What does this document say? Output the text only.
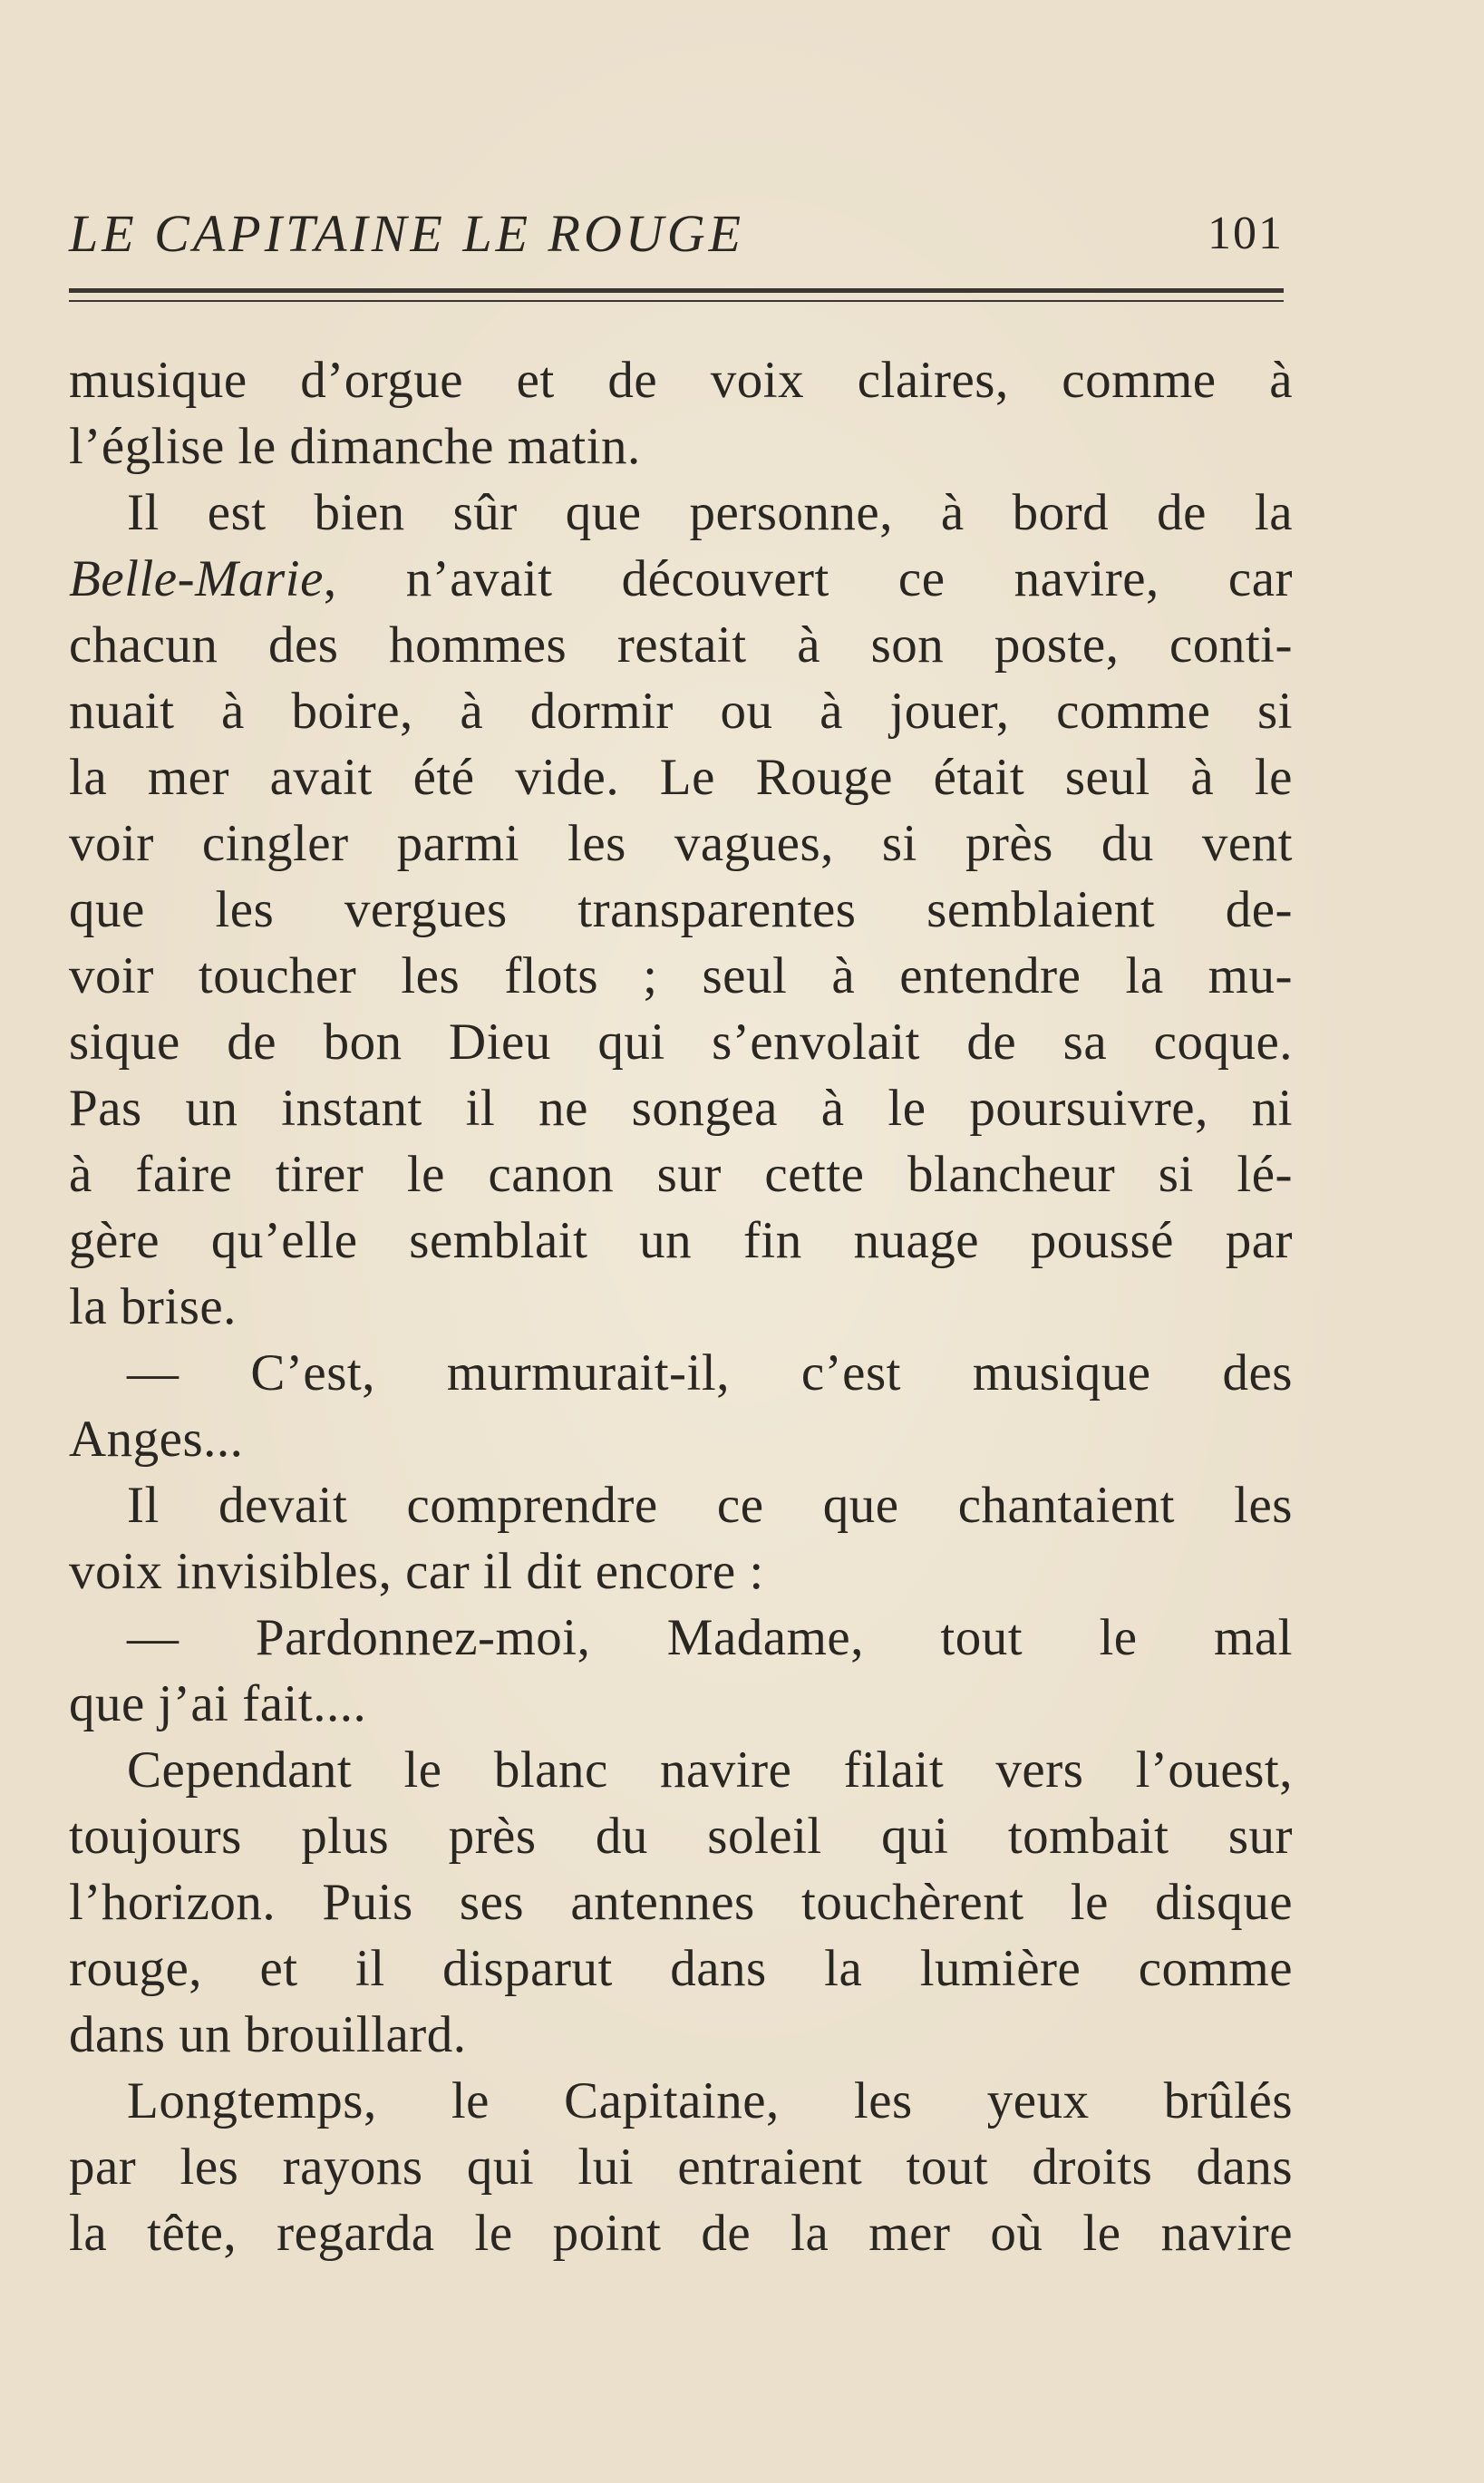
LE CAPITAINE LE ROUGE	101
musique d’orgue et de voix claires, comme à
l’église le dimanche matin.
Il est bien sûr que personne, à bord de la
Belle-Marie, n’avait découvert ce navire, car
chacun des hommes restait à son poste, conti-
nuait à boire, à dormir ou à jouer, comme si
la mer avait été vide. Le Rouge était seul à le
voir cingler parmi les vagues, si près du vent
que les vergues transparentes semblaient de-
voir toucher les flots ; seul à entendre la mu-
sique de bon Dieu qui s’envolait de sa coque.
Pas un instant il ne songea à le poursuivre, ni
à faire tirer le canon sur cette blancheur si lé-
gère qu’elle semblait un fin nuage poussé par
la brise.
— C’est, murmurait-il, c’est musique des
Anges...
Il devait comprendre ce que chantaient les
voix invisibles, car il dit encore :
— Pardonnez-moi, Madame, tout le mal
que j’ai fait....
Cependant le blanc navire filait vers l’ouest,
toujours plus près du soleil qui tombait sur
l’horizon. Puis ses antennes touchèrent le disque
rouge, et il disparut dans la lumière comme
dans un brouillard.
Longtemps, le Capitaine, les yeux brûlés
par les rayons qui lui entraient tout droits dans
la tête, regarda le point de la mer où le navire
